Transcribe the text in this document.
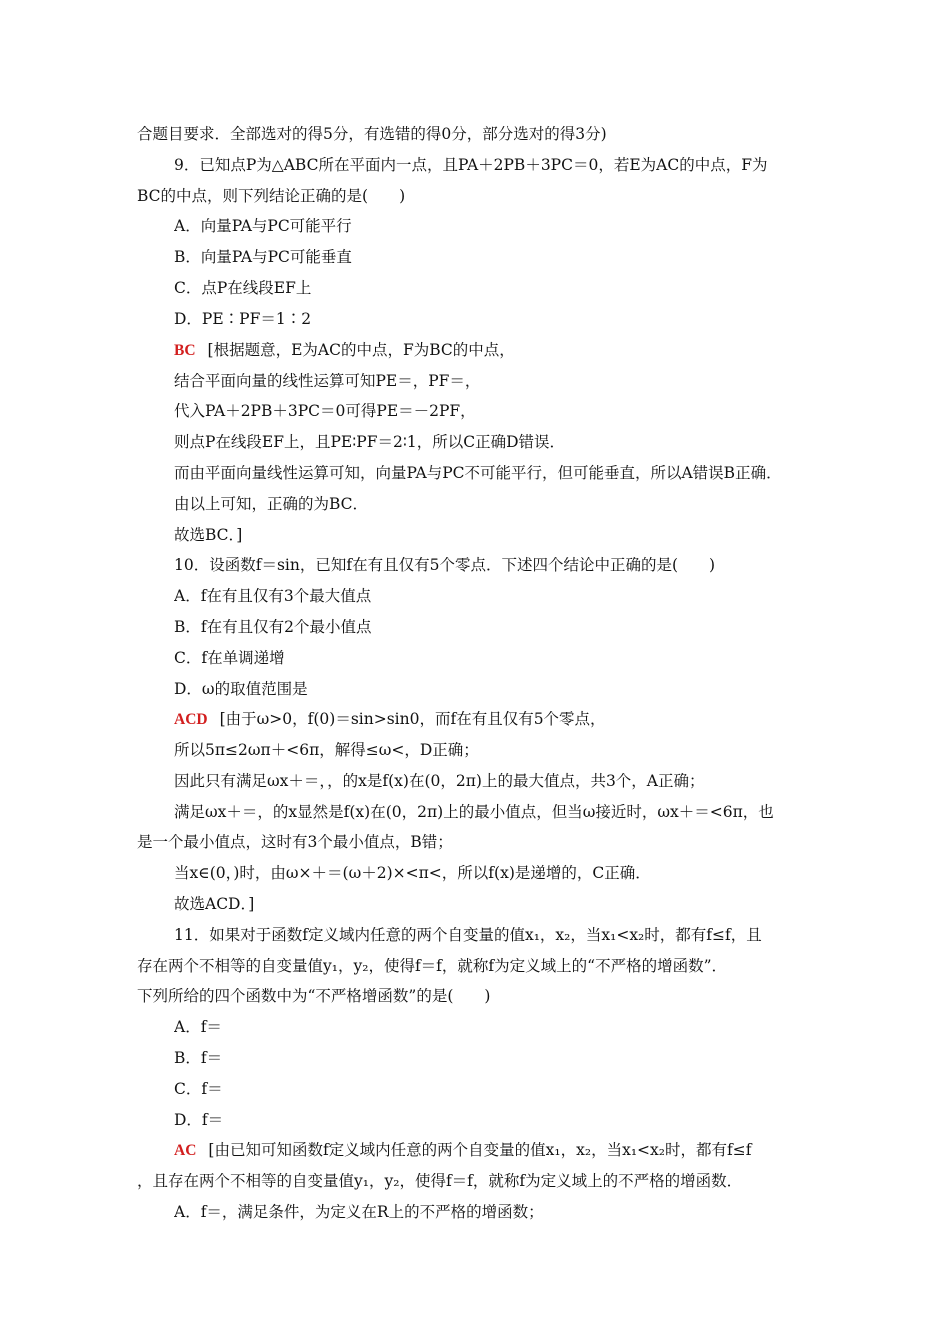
合题目要求．全部选对的得5分，有选错的得0分，部分选对的得3分)
9．已知点P为△ABC所在平面内一点，且PA＋2PB＋3PC＝0，若E为AC的中点，F为
BC的中点，则下列结论正确的是(　　)
A．向量PA与PC可能平行
B．向量PA与PC可能垂直
C．点P在线段EF上
D．PE∶PF＝1∶2
BC [根据题意，E为AC的中点，F为BC的中点，
结合平面向量的线性运算可知PE＝，PF＝，
代入PA＋2PB＋3PC＝0可得PE＝－2PF，
则点P在线段EF上，且PE∶PF＝2∶1，所以C正确D错误．
而由平面向量线性运算可知，向量PA与PC不可能平行，但可能垂直，所以A错误B正确．
由以上可知，正确的为BC．
故选BC．]
10．设函数f＝sin，已知f在有且仅有5个零点．下述四个结论中正确的是(　　)
A．f在有且仅有3个最大值点
B．f在有且仅有2个最小值点
C．f在单调递增
D．ω的取值范围是
ACD [由于ω>0，f(0)＝sin>sin0，而f在有且仅有5个零点，
所以5π≤2ωπ＋<6π，解得≤ω<，D正确；
因此只有满足ωx＋＝，，的x是f(x)在(0，2π)上的最大值点，共3个，A正确；
满足ωx＋＝，的x显然是f(x)在(0，2π)上的最小值点，但当ω接近时，ωx＋＝<6π，也
是一个最小值点，这时有3个最小值点，B错；
当x∈(0，)时，由ω×＋＝(ω＋2)×<π<，所以f(x)是递增的，C正确．
故选ACD．]
11．如果对于函数f定义域内任意的两个自变量的值x₁，x₂，当x₁<x₂时，都有f≤f，且
存在两个不相等的自变量值y₁，y₂，使得f＝f，就称f为定义域上的“不严格的增函数”．
下列所给的四个函数中为“不严格增函数”的是(　　)
A．f＝
B．f＝
C．f＝
D．f＝
AC [由已知可知函数f定义域内任意的两个自变量的值x₁，x₂，当x₁<x₂时，都有f≤f
，且存在两个不相等的自变量值y₁，y₂，使得f＝f，就称f为定义域上的不严格的增函数．
A．f＝，满足条件，为定义在R上的不严格的增函数；
